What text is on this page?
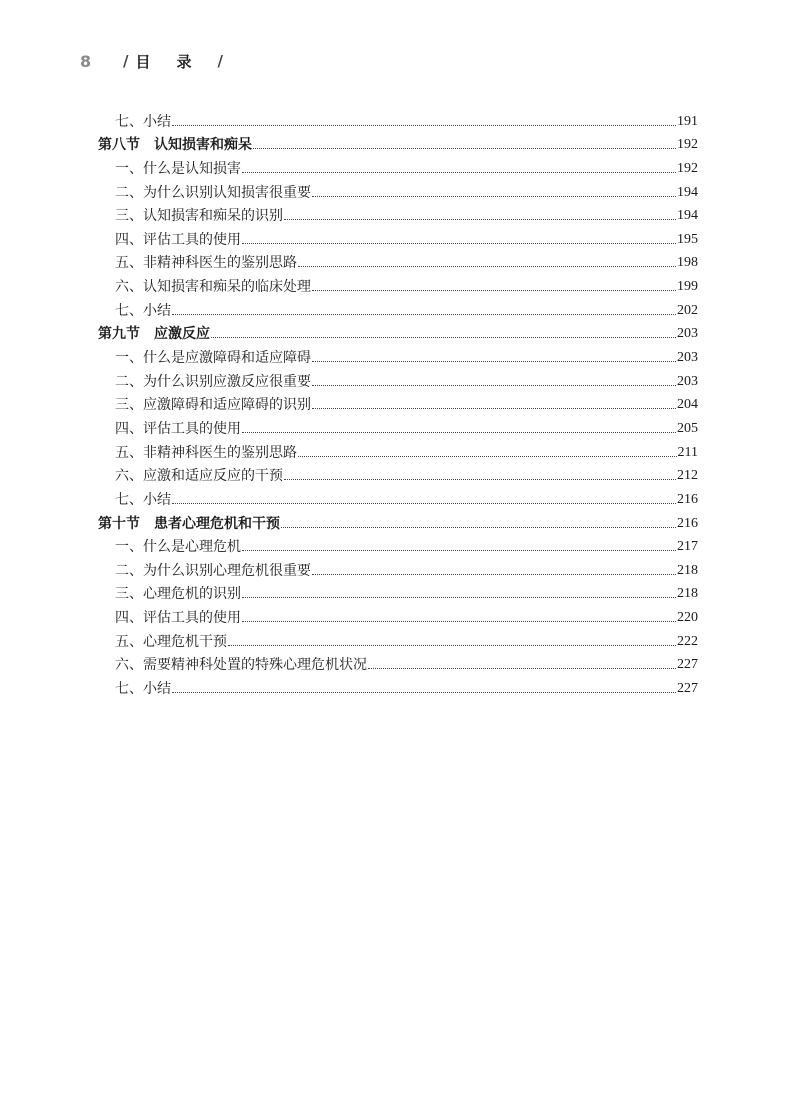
8	/ 目录 /
七、小结	191
第八节 认知损害和痴呆	192
一、什么是认知损害	192
二、为什么识别认知损害很重要	194
三、认知损害和痴呆的识别	194
四、评估工具的使用	195
五、非精神科医生的鉴别思路	198
六、认知损害和痴呆的临床处理	199
七、小结	202
第九节 应激反应	203
一、什么是应激障碍和适应障碍	203
二、为什么识别应激反应很重要	203
三、应激障碍和适应障碍的识别	204
四、评估工具的使用	205
五、非精神科医生的鉴别思路	211
六、应激和适应反应的干预	212
七、小结	216
第十节 患者心理危机和干预	216
一、什么是心理危机	217
二、为什么识别心理危机很重要	218
三、心理危机的识别	218
四、评估工具的使用	220
五、心理危机干预	222
六、需要精神科处置的特殊心理危机状况	227
七、小结	227
